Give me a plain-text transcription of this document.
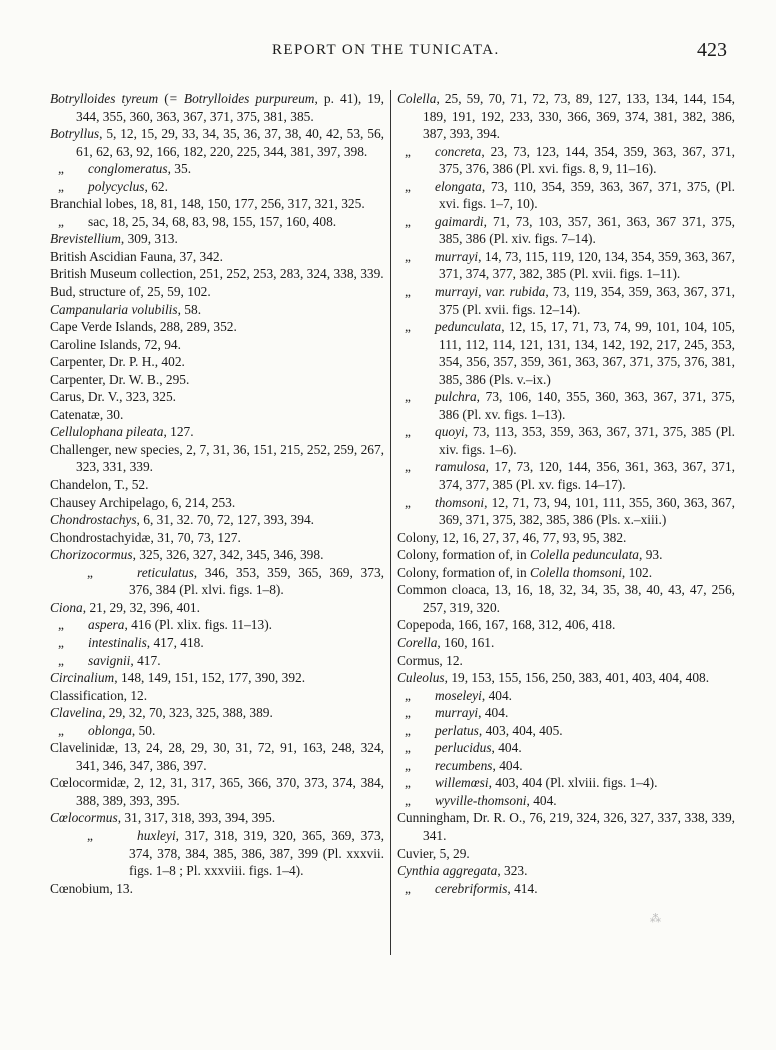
REPORT ON THE TUNICATA.	423
Botrylloides tyreum (= Botrylloides purpureum, p. 41), 19, 344, 355, 360, 363, 367, 371, 375, 381, 385.
Botryllus, 5, 12, 15, 29, 33, 34, 35, 36, 37, 38, 40, 42, 53, 56, 61, 62, 63, 92, 166, 182, 220, 225, 344, 381, 397, 398.
„ conglomeratus, 35.
„ polycyclus, 62.
Branchial lobes, 18, 81, 148, 150, 177, 256, 317, 321, 325.
„ sac, 18, 25, 34, 68, 83, 98, 155, 157, 160, 408.
Brevistellium, 309, 313.
British Ascidian Fauna, 37, 342.
British Museum collection, 251, 252, 253, 283, 324, 338, 339.
Bud, structure of, 25, 59, 102.
Campanularia volubilis, 58.
Cape Verde Islands, 288, 289, 352.
Caroline Islands, 72, 94.
Carpenter, Dr. P. H., 402.
Carpenter, Dr. W. B., 295.
Carus, Dr. V., 323, 325.
Catenatæ, 30.
Cellulophana pileata, 127.
Challenger, new species, 2, 7, 31, 36, 151, 215, 252, 259, 267, 323, 331, 339.
Chandelon, T., 52.
Chausey Archipelago, 6, 214, 253.
Chondrostachys, 6, 31, 32. 70, 72, 127, 393, 394.
Chondrostachyidæ, 31, 70, 73, 127.
Chorizocormus, 325, 326, 327, 342, 345, 346, 398.
„	reticulatus, 346, 353, 359, 365, 369, 373, 376, 384 (Pl. xlvi. figs. 1–8).
Ciona, 21, 29, 32, 396, 401.
„ aspera, 416 (Pl. xlix. figs. 11–13).
„ intestinalis, 417, 418.
„ savignii, 417.
Circinalium, 148, 149, 151, 152, 177, 390, 392.
Classification, 12.
Clavelina, 29, 32, 70, 323, 325, 388, 389.
„ oblonga, 50.
Clavelinidæ, 13, 24, 28, 29, 30, 31, 72, 91, 163, 248, 324, 341, 346, 347, 386, 397.
Cœlocormidæ, 2, 12, 31, 317, 365, 366, 370, 373, 374, 384, 388, 389, 393, 395.
Cœlocormus, 31, 317, 318, 393, 394, 395.
„	huxleyi, 317, 318, 319, 320, 365, 369, 373, 374, 378, 384, 385, 386, 387, 399 (Pl. xxxvii. figs. 1–8 ; Pl. xxxviii. figs. 1–4).
Cœnobium, 13.
Colella, 25, 59, 70, 71, 72, 73, 89, 127, 133, 134, 144, 154, 189, 191, 192, 233, 330, 366, 369, 374, 381, 382, 386, 387, 393, 394.
„ concreta, 23, 73, 123, 144, 354, 359, 363, 367, 371, 375, 376, 386 (Pl. xvi. figs. 8, 9, 11–16).
„ elongata, 73, 110, 354, 359, 363, 367, 371, 375, (Pl. xvi. figs. 1–7, 10).
„ gaimardi, 71, 73, 103, 357, 361, 363, 367 371, 375, 385, 386 (Pl. xiv. figs. 7–14).
„ murrayi, 14, 73, 115, 119, 120, 134, 354, 359, 363, 367, 371, 374, 377, 382, 385 (Pl. xvii. figs. 1–11).
„ murrayi, var. rubida, 73, 119, 354, 359, 363, 367, 371, 375 (Pl. xvii. figs. 12–14).
„ pedunculata, 12, 15, 17, 71, 73, 74, 99, 101, 104, 105, 111, 112, 114, 121, 131, 134, 142, 192, 217, 245, 353, 354, 356, 357, 359, 361, 363, 367, 371, 375, 376, 381, 385, 386 (Pls. v.–ix.)
„ pulchra, 73, 106, 140, 355, 360, 363, 367, 371, 375, 386 (Pl. xv. figs. 1–13).
„ quoyi, 73, 113, 353, 359, 363, 367, 371, 375, 385 (Pl. xiv. figs. 1–6).
„ ramulosa, 17, 73, 120, 144, 356, 361, 363, 367, 371, 374, 377, 385 (Pl. xv. figs. 14–17).
„ thomsoni, 12, 71, 73, 94, 101, 111, 355, 360, 363, 367, 369, 371, 375, 382, 385, 386 (Pls. x.–xiii.)
Colony, 12, 16, 27, 37, 46, 77, 93, 95, 382.
Colony, formation of, in Colella pedunculata, 93.
Colony, formation of, in Colella thomsoni, 102.
Common cloaca, 13, 16, 18, 32, 34, 35, 38, 40, 43, 47, 256, 257, 319, 320.
Copepoda, 166, 167, 168, 312, 406, 418.
Corella, 160, 161.
Cormus, 12.
Culeolus, 19, 153, 155, 156, 250, 383, 401, 403, 404, 408.
„ moseleyi, 404.
„ murrayi, 404.
„ perlatus, 403, 404, 405.
„ perlucidus, 404.
„ recumbens, 404.
„ willemœsi, 403, 404 (Pl. xlviii. figs. 1–4).
„ wyville-thomsoni, 404.
Cunningham, Dr. R. O., 76, 219, 324, 326, 327, 337, 338, 339, 341.
Cuvier, 5, 29.
Cynthia aggregata, 323.
„ cerebriformis, 414.
⁂
